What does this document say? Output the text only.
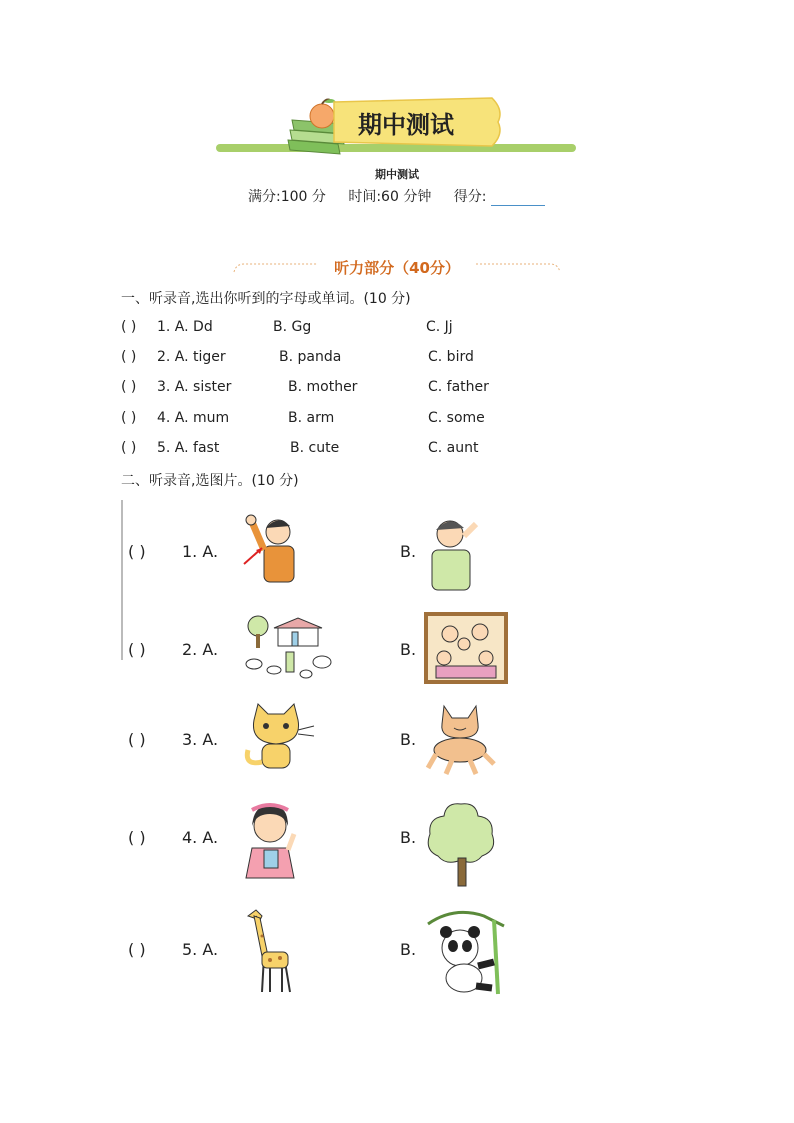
期中测试
期中测试
满分:100 分 时间:60 分钟 得分:
听力部分（40分）
一、听录音,选出你听到的字母或单词。(10 分)
( ) 1. A. Dd	B. Gg	C. Jj
( ) 2. A. tiger	B. panda	C. bird
( ) 3. A. sister	B. mother	C. father
( ) 4. A. mum	B. arm	C. some
( ) 5. A. fast	B. cute	C. aunt
二、听录音,选图片。(10 分)
( ) 1. A.	B.
( ) 2. A.	B.
( ) 3. A.	B.
( ) 4. A.	B.
( ) 5. A.	B.
